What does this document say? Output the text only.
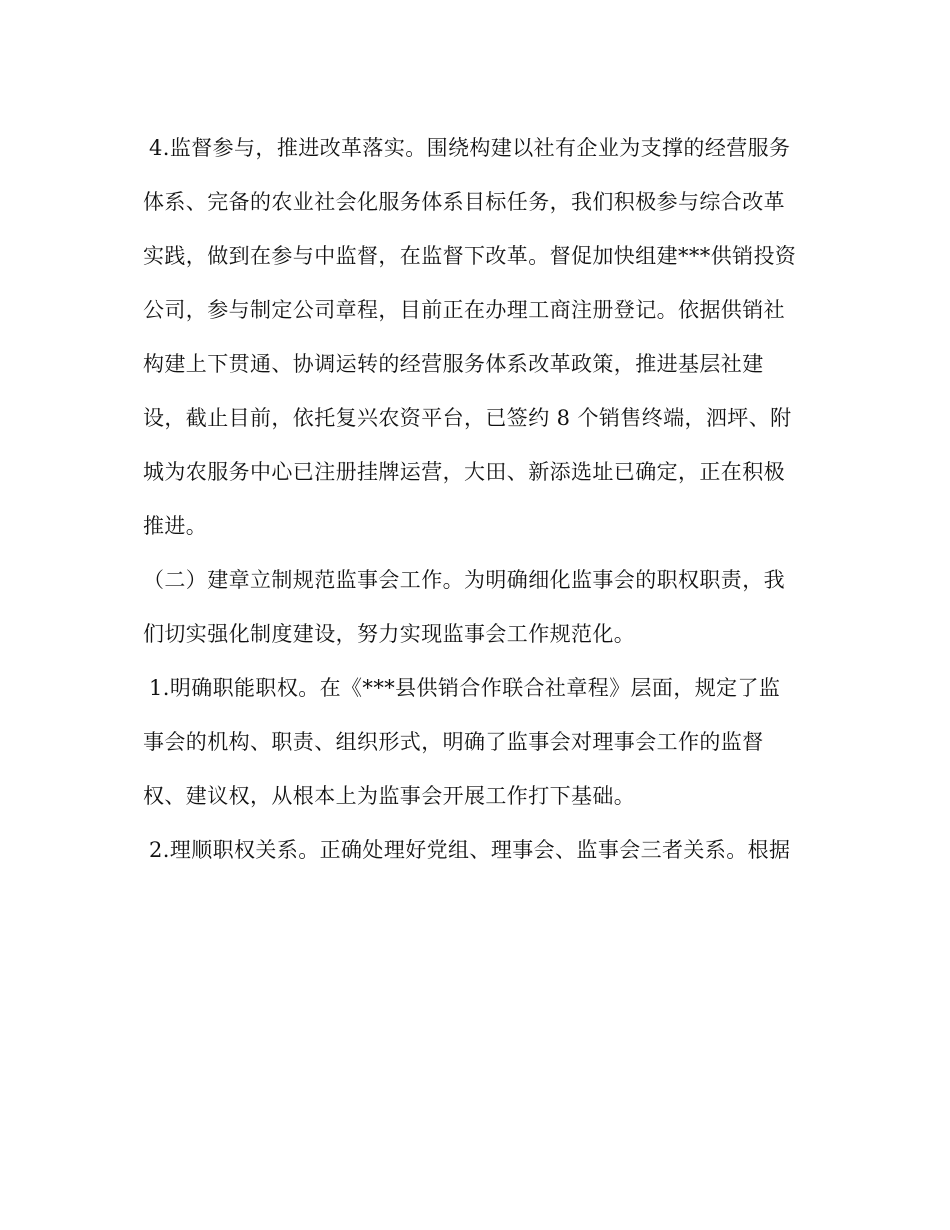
4.监督参与，推进改革落实。围绕构建以社有企业为支撑的经营服务
体系、完备的农业社会化服务体系目标任务，我们积极参与综合改革
实践，做到在参与中监督，在监督下改革。督促加快组建***供销投资
公司，参与制定公司章程，目前正在办理工商注册登记。依据供销社
构建上下贯通、协调运转的经营服务体系改革政策，推进基层社建
设，截止目前，依托复兴农资平台，已签约 8 个销售终端，泗坪、附
城为农服务中心已注册挂牌运营，大田、新添选址已确定，正在积极
推进。
（二）建章立制规范监事会工作。为明确细化监事会的职权职责，我
们切实强化制度建设，努力实现监事会工作规范化。
1.明确职能职权。在《***县供销合作联合社章程》层面，规定了监
事会的机构、职责、组织形式，明确了监事会对理事会工作的监督
权、建议权，从根本上为监事会开展工作打下基础。
2.理顺职权关系。正确处理好党组、理事会、监事会三者关系。根据
